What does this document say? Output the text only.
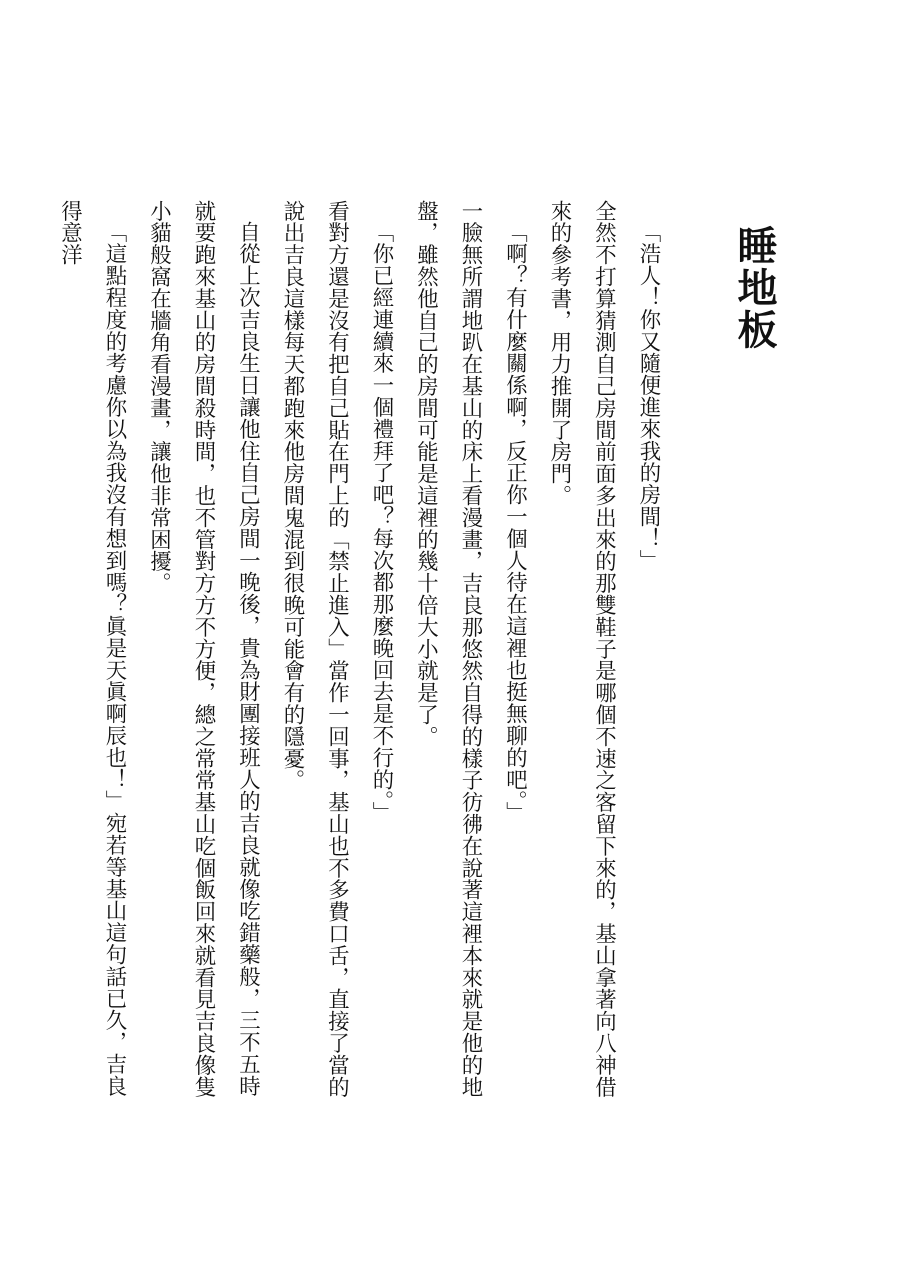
睡地板

「浩人！你又隨便進來我的房間！」

全然不打算猜測自己房間前面多出來的那雙鞋子是哪個不速之客留下來的，基山拿著向八神借來的參考書，用力推開了房門。

「啊？有什麼關係啊，反正你一個人待在這裡也挺無聊的吧。」

一臉無所謂地趴在基山的床上看漫畫，吉良那悠然自得的樣子彷彿在說著這裡本來就是他的地盤，雖然他自己的房間可能是這裡的幾十倍大小就是了。

「你已經連續來一個禮拜了吧？每次都那麼晚回去是不行的。」

看對方還是沒有把自己貼在門上的「禁止進入」當作一回事，基山也不多費口舌，直接了當的說出吉良這樣每天都跑來他房間鬼混到很晚可能會有的隱憂。

自從上次吉良生日讓他住自己房間一晚後，貴為財團接班人的吉良就像吃錯藥般，三不五時就要跑來基山的房間殺時間，也不管對方方不方便，總之常常基山吃個飯回來就看見吉良像隻小貓般窩在牆角看漫畫，讓他非常困擾。

「這點程度的考慮你以為我沒有想到嗎？眞是天眞啊辰也！」宛若等基山這句話已久，吉良得意洋
